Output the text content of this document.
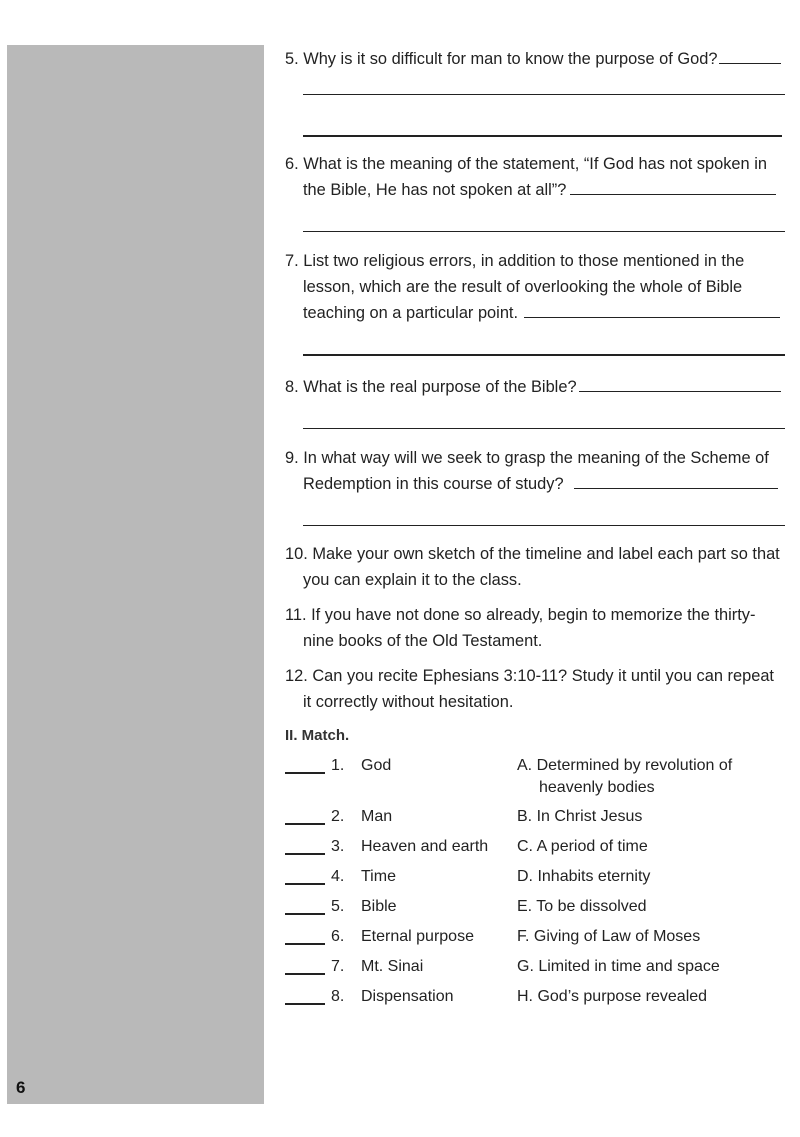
6
5. Why is it so difficult for man to know the purpose of God?
6. What is the meaning of the statement, “If God has not spoken in
the Bible, He has not spoken at all”?
7. List two religious errors, in addition to those mentioned in the
lesson, which are the result of overlooking the whole of Bible
teaching on a particular point.
8. What is the real purpose of the Bible?
9. In what way will we seek to grasp the meaning of the Scheme of
Redemption in this course of study?
10. Make your own sketch of the timeline and label each part so that
you can explain it to the class.
11. If you have not done so already, begin to memorize the thirty-
nine books of the Old Testament.
12. Can you recite Ephesians 3:10-11? Study it until you can repeat
it correctly without hesitation.
II. Match.
1. God	A. Determined by revolution of
heavenly bodies
2. Man	B. In Christ Jesus
3. Heaven and earth C. A period of time
4. Time	D. Inhabits eternity
5. Bible	E. To be dissolved
6. Eternal purpose	F. Giving of Law of Moses
7. Mt. Sinai	G. Limited in time and space
8. Dispensation	H. God’s purpose revealed
